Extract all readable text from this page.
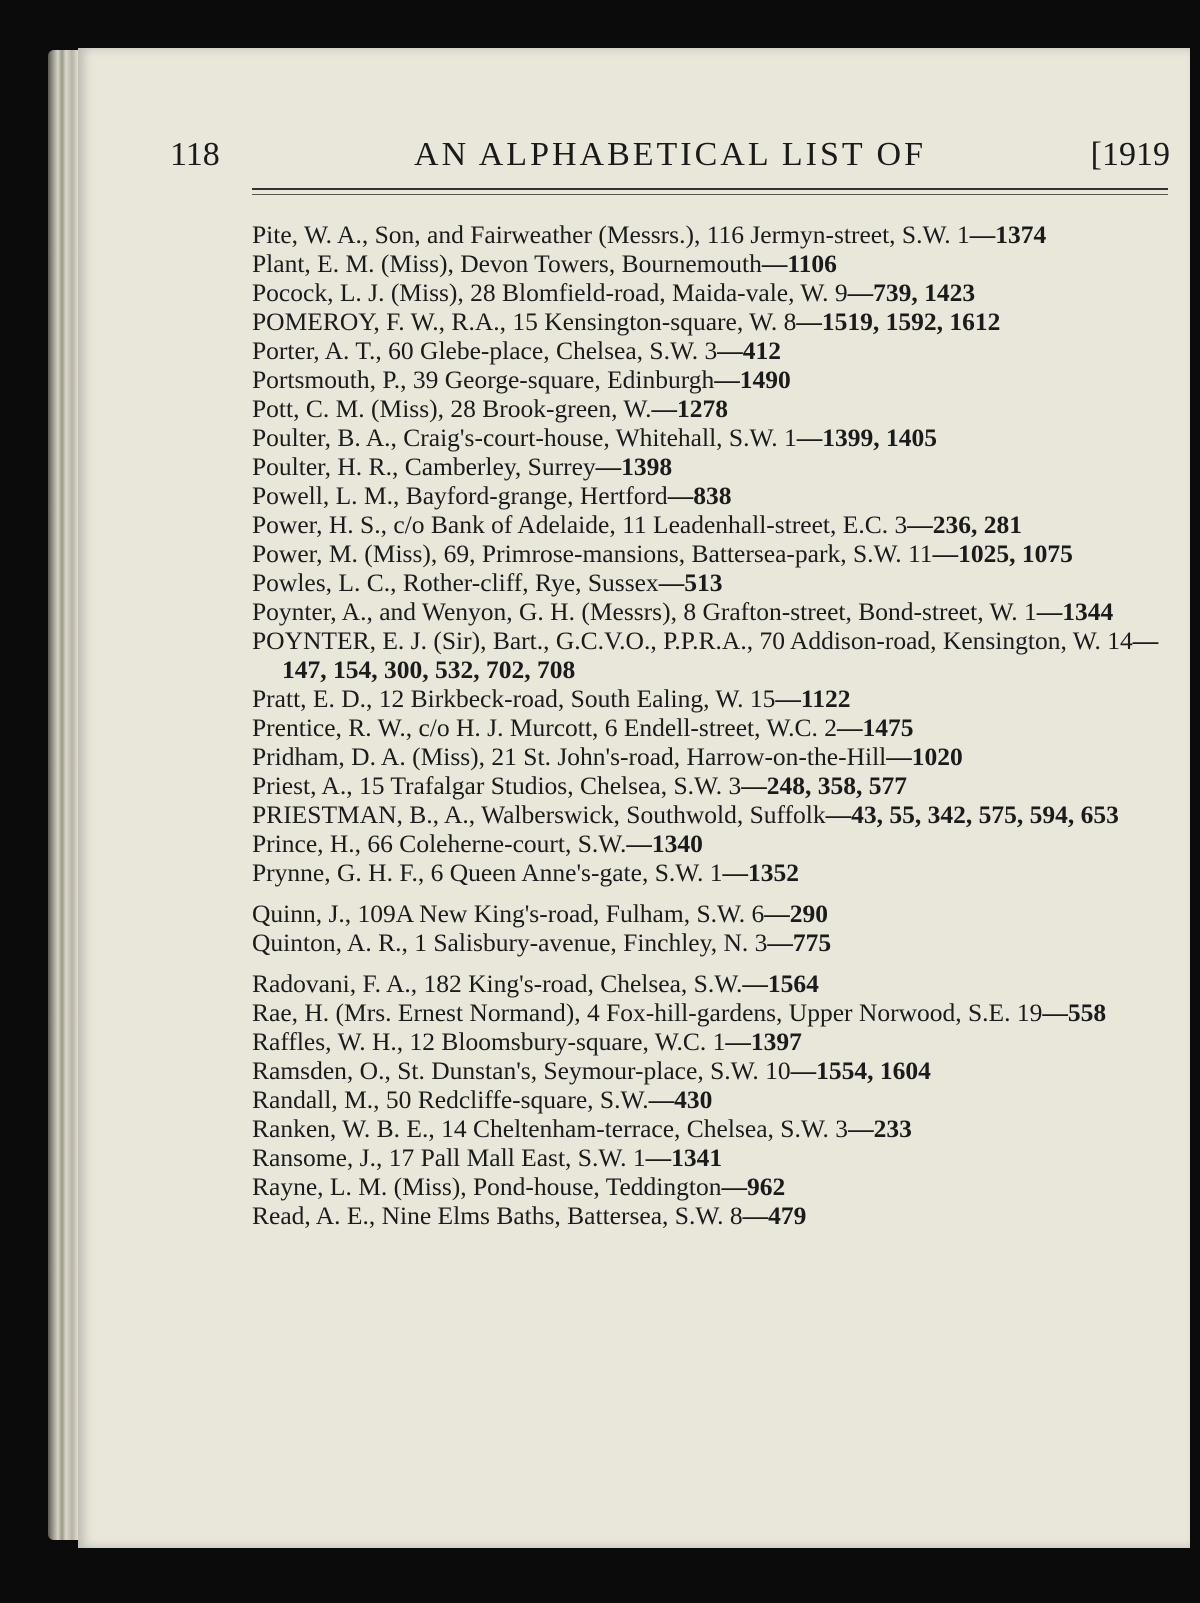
118	AN ALPHABETICAL LIST OF	[1919

Pite, W. A., Son, and Fairweather (Messrs.), 116 Jermyn-street, S.W. 1—1374

Plant, E. M. (Miss), Devon Towers, Bournemouth—1106

Pocock, L. J. (Miss), 28 Blomfield-road, Maida-vale, W. 9—739, 1423

POMEROY, F. W., R.A., 15 Kensington-square, W. 8—1519, 1592, 1612

Porter, A. T., 60 Glebe-place, Chelsea, S.W. 3—412

Portsmouth, P., 39 George-square, Edinburgh—1490

Pott, C. M. (Miss), 28 Brook-green, W.—1278

Poulter, B. A., Craig's-court-house, Whitehall, S.W. 1—1399, 1405

Poulter, H. R., Camberley, Surrey—1398

Powell, L. M., Bayford-grange, Hertford—838

Power, H. S., c/o Bank of Adelaide, 11 Leadenhall-street, E.C. 3—236, 281

Power, M. (Miss), 69, Primrose-mansions, Battersea-park, S.W. 11—1025, 1075

Powles, L. C., Rother-cliff, Rye, Sussex—513

Poynter, A., and Wenyon, G. H. (Messrs), 8 Grafton-street, Bond-street, W. 1—1344

POYNTER, E. J. (Sir), Bart., G.C.V.O., P.P.R.A., 70 Addison-road, Kensington, W. 14—147, 154, 300, 532, 702, 708

Pratt, E. D., 12 Birkbeck-road, South Ealing, W. 15—1122

Prentice, R. W., c/o H. J. Murcott, 6 Endell-street, W.C. 2—1475

Pridham, D. A. (Miss), 21 St. John's-road, Harrow-on-the-Hill—1020

Priest, A., 15 Trafalgar Studios, Chelsea, S.W. 3—248, 358, 577

PRIESTMAN, B., A., Walberswick, Southwold, Suffolk—43, 55, 342, 575, 594, 653

Prince, H., 66 Coleherne-court, S.W.—1340

Prynne, G. H. F., 6 Queen Anne's-gate, S.W. 1—1352

Quinn, J., 109A New King's-road, Fulham, S.W. 6—290

Quinton, A. R., 1 Salisbury-avenue, Finchley, N. 3—775

Radovani, F. A., 182 King's-road, Chelsea, S.W.—1564

Rae, H. (Mrs. Ernest Normand), 4 Fox-hill-gardens, Upper Norwood, S.E. 19—558

Raffles, W. H., 12 Bloomsbury-square, W.C. 1—1397

Ramsden, O., St. Dunstan's, Seymour-place, S.W. 10—1554, 1604

Randall, M., 50 Redcliffe-square, S.W.—430

Ranken, W. B. E., 14 Cheltenham-terrace, Chelsea, S.W. 3—233

Ransome, J., 17 Pall Mall East, S.W. 1—1341

Rayne, L. M. (Miss), Pond-house, Teddington—962

Read, A. E., Nine Elms Baths, Battersea, S.W. 8—479
